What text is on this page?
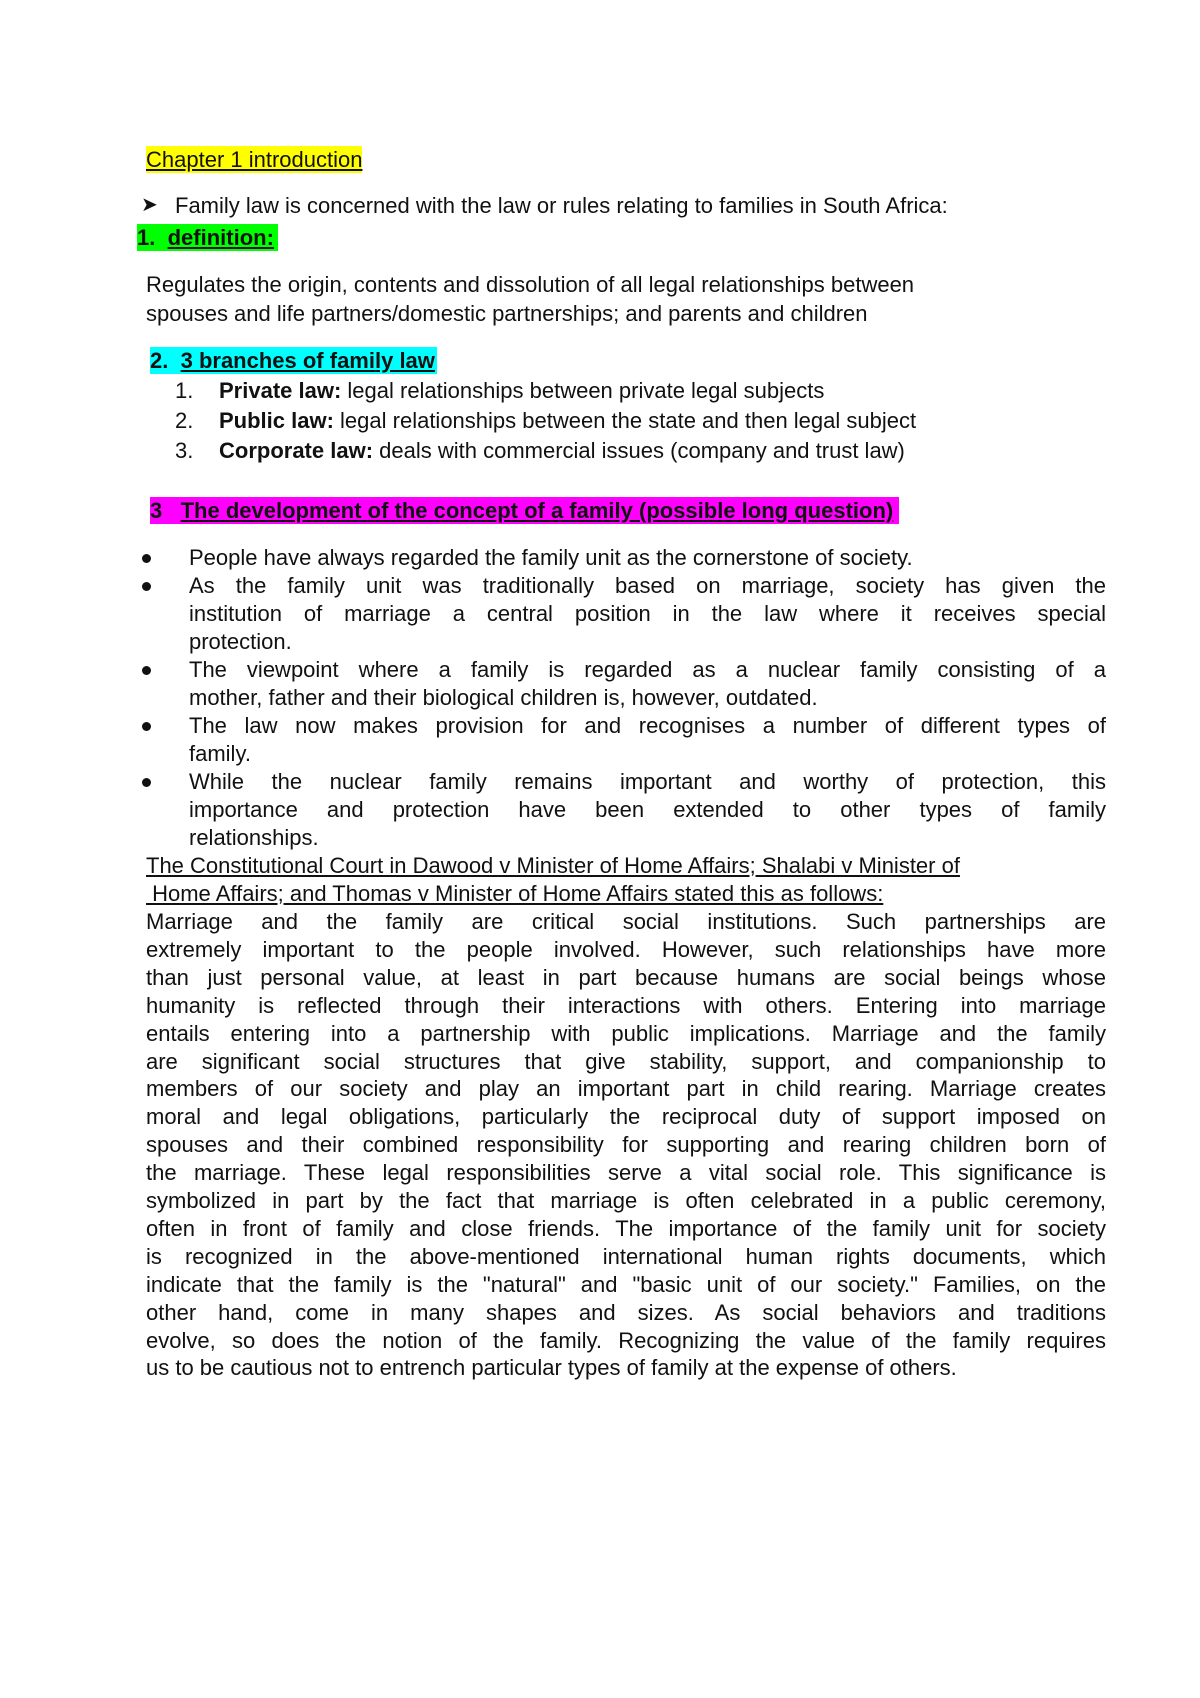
Chapter 1 introduction
➤ Family law is concerned with the law or rules relating to families in South Africa:
1. definition:
Regulates the origin, contents and dissolution of all legal relationships between
spouses and life partners/domestic partnerships; and parents and children
2. 3 branches of family law
1. Private law: legal relationships between private legal subjects
2. Public law: legal relationships between the state and then legal subject
3. Corporate law: deals with commercial issues (company and trust law)
3 The development of the concept of a family (possible long question)
People have always regarded the family unit as the cornerstone of society.
As the family unit was traditionally based on marriage, society has given the
institution of marriage a central position in the law where it receives special
protection.
The viewpoint where a family is regarded as a nuclear family consisting of a
mother, father and their biological children is, however, outdated.
The law now makes provision for and recognises a number of different types of
family.
While the nuclear family remains important and worthy of protection, this
importance and protection have been extended to other types of family
relationships.
The Constitutional Court in Dawood v Minister of Home Affairs; Shalabi v Minister of
Home Affairs; and Thomas v Minister of Home Affairs stated this as follows:
Marriage and the family are critical social institutions. Such partnerships are
extremely important to the people involved. However, such relationships have more
than just personal value, at least in part because humans are social beings whose
humanity is reflected through their interactions with others. Entering into marriage
entails entering into a partnership with public implications. Marriage and the family
are significant social structures that give stability, support, and companionship to
members of our society and play an important part in child rearing. Marriage creates
moral and legal obligations, particularly the reciprocal duty of support imposed on
spouses and their combined responsibility for supporting and rearing children born of
the marriage. These legal responsibilities serve a vital social role. This significance is
symbolized in part by the fact that marriage is often celebrated in a public ceremony,
often in front of family and close friends. The importance of the family unit for society
is recognized in the above-mentioned international human rights documents, which
indicate that the family is the "natural" and "basic unit of our society." Families, on the
other hand, come in many shapes and sizes. As social behaviors and traditions
evolve, so does the notion of the family. Recognizing the value of the family requires
us to be cautious not to entrench particular types of family at the expense of others.
